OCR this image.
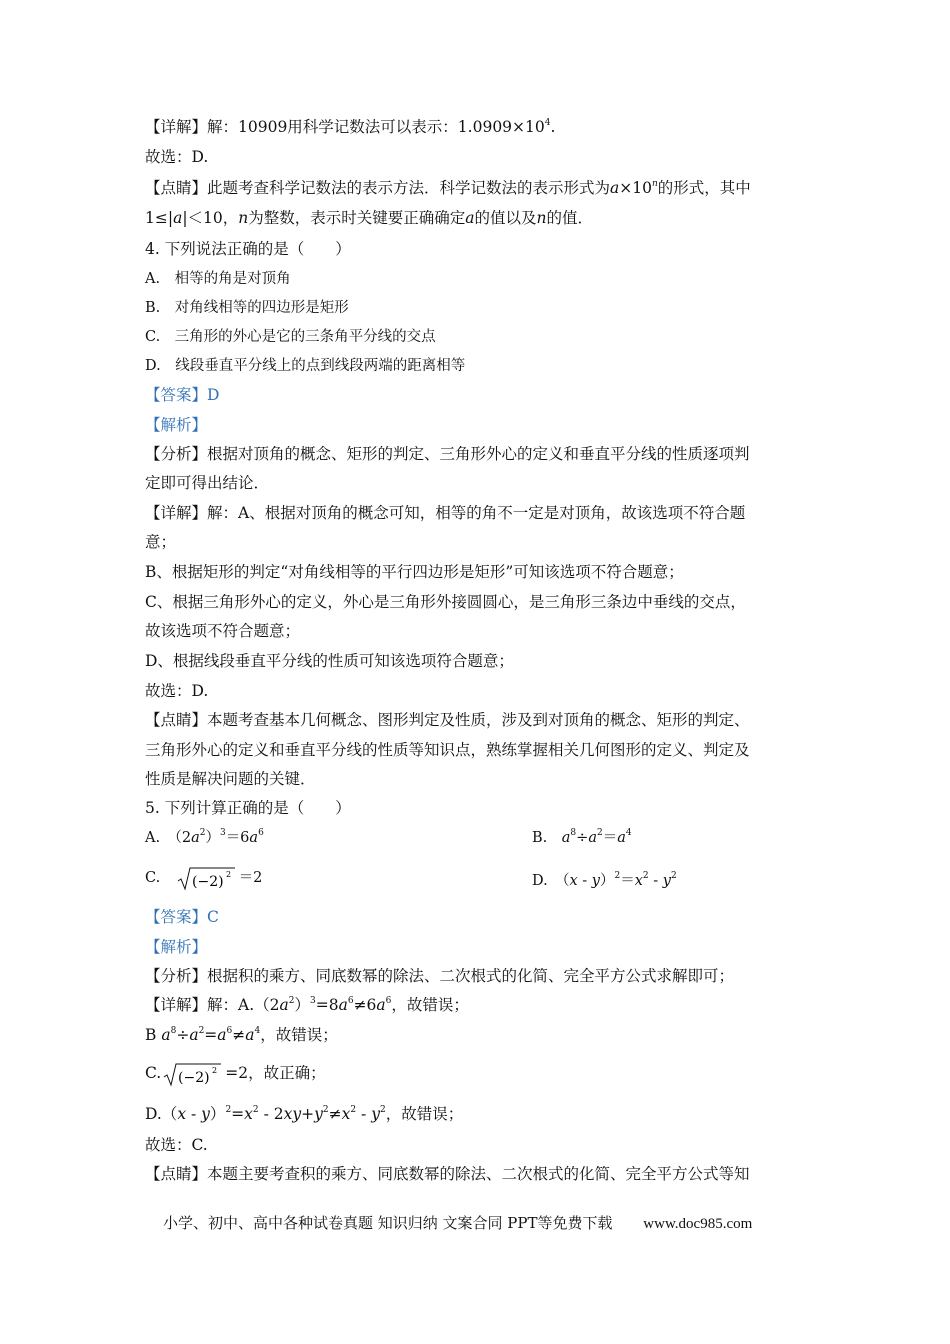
【详解】解：10909用科学记数法可以表示：$1.0909\times 10^4$.
故选：D.
【点睛】此题考查科学记数法的表示方法．科学记数法的表示形式为$a\times 10^n$的形式，其中
1≤|a|＜10，n为整数，表示时关键要正确确定a的值以及n的值．
4. 下列说法正确的是（　　）
A.　相等的角是对顶角
B.　对角线相等的四边形是矩形
C.　三角形的外心是它的三条角平分线的交点
D.　线段垂直平分线上的点到线段两端的距离相等
【答案】D
【解析】
【分析】根据对顶角的概念、矩形的判定、三角形外心的定义和垂直平分线的性质逐项判
定即可得出结论．
【详解】解：A、根据对顶角的概念可知，相等的角不一定是对顶角，故该选项不符合题
意；
B、根据矩形的判定“对角线相等的平行四边形是矩形”可知该选项不符合题意；
C、根据三角形外心的定义，外心是三角形外接圆圆心，是三角形三条边中垂线的交点，
故该选项不符合题意；
D、根据线段垂直平分线的性质可知该选项符合题意；
故选：D.
【点睛】本题考查基本几何概念、图形判定及性质，涉及到对顶角的概念、矩形的判定、
三角形外心的定义和垂直平分线的性质等知识点，熟练掌握相关几何图形的定义、判定及
性质是解决问题的关键．
5. 下列计算正确的是（　　）
A.　$(2a^2)^3=6a^6$	B.　$a^8\div a^2=a^4$
C.　 (−2) 2 ＝2	D.　$(x - y)^2=x^2 - y^2$
【答案】C
【解析】
【分析】根据积的乘方、同底数幂的除法、二次根式的化简、完全平方公式求解即可；
【详解】解：$A.(2a^2)^3=8a^6\ne 6a^6$，故错误；
B $a^8\div a^2=a^6\ne a^4$，故错误；
C. (−2) 2 =2，故正确；
$D.(x - y)^2=x^2 - 2xy+y^2\ne x^2 - y^2$，故错误；
故选：C.
【点睛】本题主要考查积的乘方、同底数幂的除法、二次根式的化简、完全平方公式等知
小学、初中、高中各种试卷真题 知识归纳 文案合同 PPT等免费下载 www.doc985.com
